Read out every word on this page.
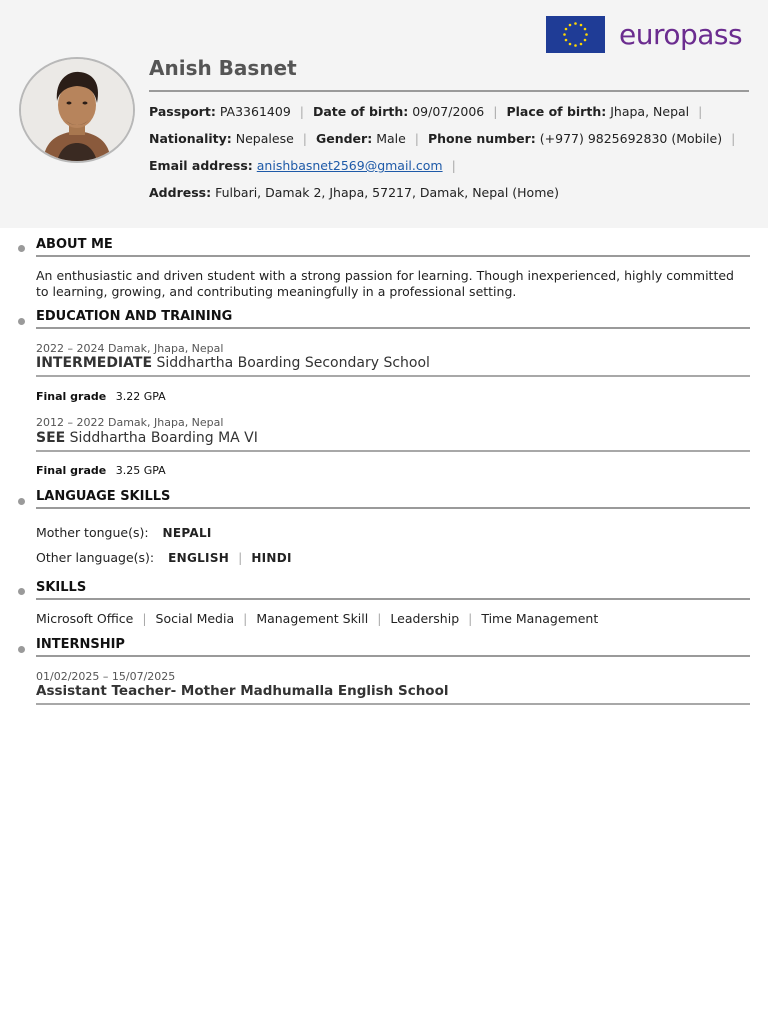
europass
Anish Basnet
Passport: PA3361409 | Date of birth: 09/07/2006 | Place of birth: Jhapa, Nepal |
Nationality: Nepalese | Gender: Male | Phone number: (+977) 9825692830 (Mobile) |
Email address: anishbasnet2569@gmail.com |
Address: Fulbari, Damak 2, Jhapa, 57217, Damak, Nepal (Home)
ABOUT ME
An enthusiastic and driven student with a strong passion for learning. Though inexperienced, highly committed to learning, growing, and contributing meaningfully in a professional setting.
EDUCATION AND TRAINING
2022 – 2024 Damak, Jhapa, Nepal
INTERMEDIATE Siddhartha Boarding Secondary School
Final grade 3.22 GPA
2012 – 2022 Damak, Jhapa, Nepal
SEE Siddhartha Boarding MA VI
Final grade 3.25 GPA
LANGUAGE SKILLS
Mother tongue(s): NEPALI
Other language(s): ENGLISH | HINDI
SKILLS
Microsoft Office | Social Media | Management Skill | Leadership | Time Management
INTERNSHIP
01/02/2025 – 15/07/2025
Assistant Teacher- Mother Madhumalla English School
